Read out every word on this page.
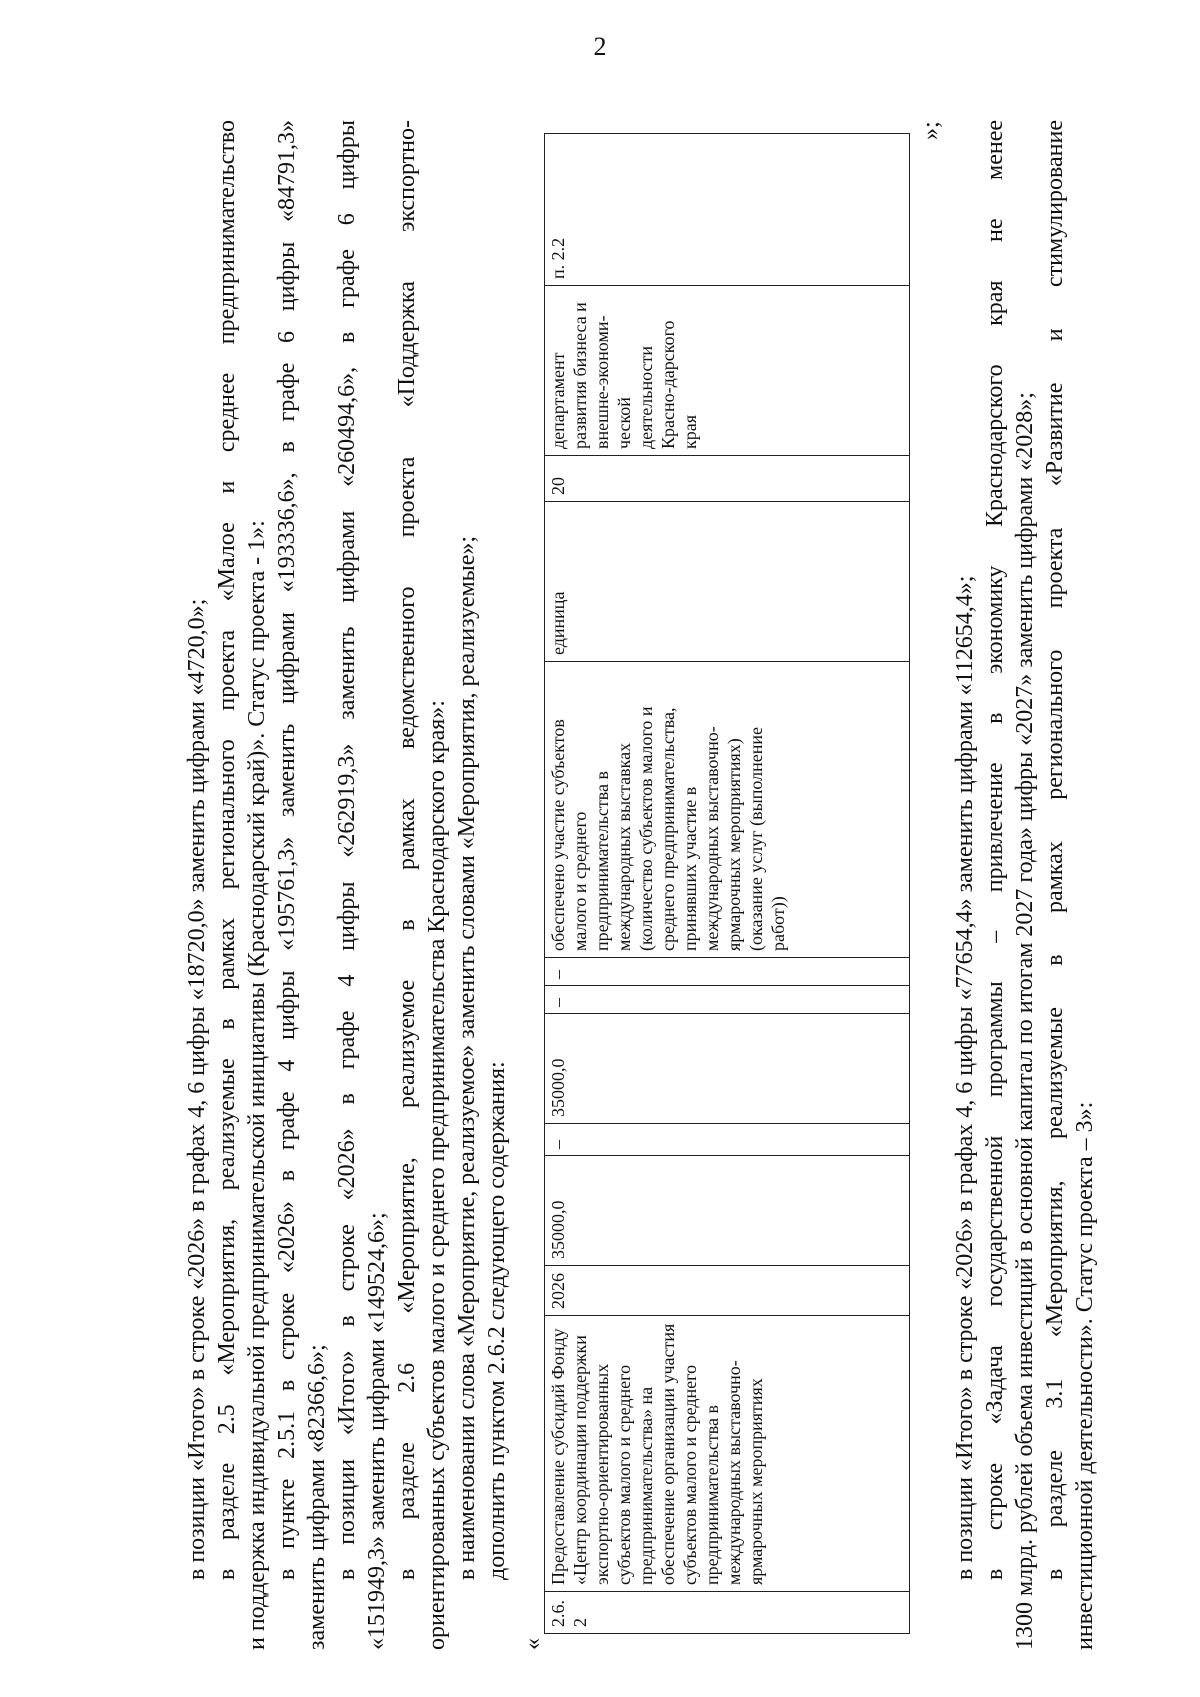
2

в позиции «Итого» в строке «2026» в графах 4, 6 цифры «18720,0» заменить цифрами «4720,0»; в разделе 2.5 «Мероприятия, реализуемые в рамках регионального проекта «Малое и среднее предпринимательство и поддержка индивидуальной предпринимательской инициативы (Краснодарский край)». Статус проекта - 1»: в пункте 2.5.1 в строке «2026» в графе 4 цифры «195761,3» заменить цифрами «193336,6», в графе 6 цифры «84791,3» заменить цифрами «82366,6»; в позиции «Итого» в строке «2026» в графе 4 цифры «262919,3» заменить цифрами «260494,6», в графе 6 цифры «151949,3» заменить цифрами «149524,6»; в разделе 2.6 «Мероприятие, реализуемое в рамках ведомственного проекта «Поддержка экспортно- ориентированных субъектов малого и среднего предпринимательства Краснодарского края»: в наименовании слова «Мероприятие, реализуемое» заменить словами «Мероприятия, реализуемые»; дополнить пунктом 2.6.2 следующего содержания:

«
2.6.2	Предоставление субсидий Фонду «Центр координации поддержки экспортно-ориентированных субъектов малого и среднего предпринимательства» на обеспечение организации участия субъектов малого и среднего предпринимательства в международных выставочно-ярмарочных мероприятиях	2026	35000,0	–	35000,0	–	–	обеспечено участие субъектов малого и среднего предпринимательства в международных выставках (количество субъектов малого и среднего предпринимательства, принявших участие в международных выставочно-ярмарочных мероприятиях) (оказание услуг (выполнение работ))	единица	20	департамент развития бизнеса и внешне-экономи-ческой деятельности Красно-дарского края	п. 2.2
»;

в позиции «Итого» в строке «2026» в графах 4, 6 цифры «77654,4» заменить цифрами «112654,4»; в строке «Задача государственной программы – привлечение в экономику Краснодарского края не менее 1300 млрд. рублей объема инвестиций в основной капитал по итогам 2027 года» цифры «2027» заменить цифрами «2028»; в разделе 3.1 «Мероприятия, реализуемые в рамках регионального проекта «Развитие и стимулирование инвестиционной деятельности». Статус проекта – 3»:
